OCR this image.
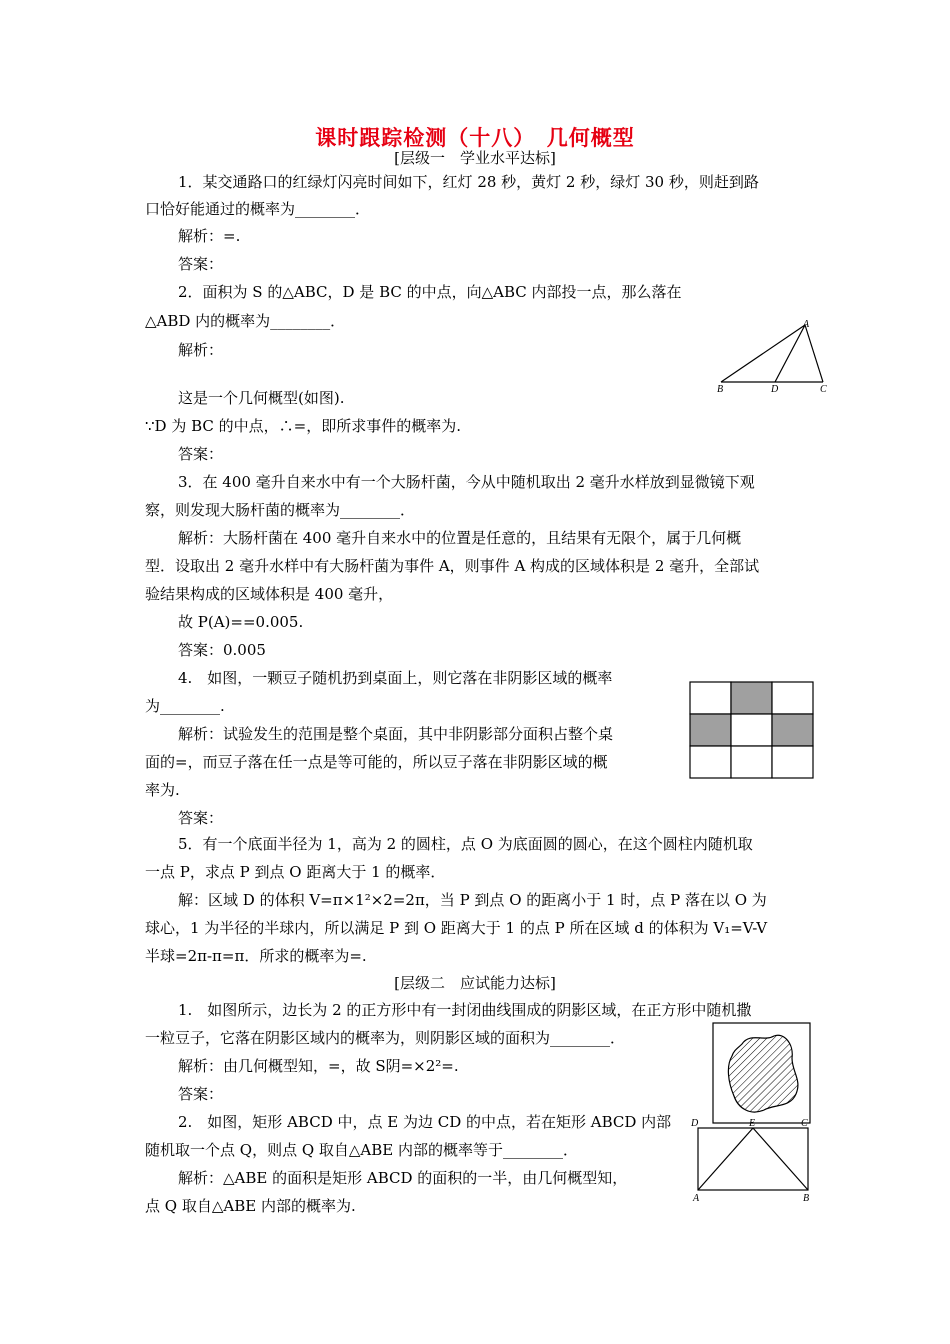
课时跟踪检测（十八）　几何概型
[层级一　学业水平达标]
1．某交通路口的红绿灯闪亮时间如下，红灯 28 秒，黄灯 2 秒，绿灯 30 秒，则赶到路
口恰好能通过的概率为________．
解析：=.
答案：
2．面积为 S 的△ABC，D 是 BC 的中点，向△ABC 内部投一点，那么落在
△ABD 内的概率为________．
解析：
这是一个几何概型(如图).
∵D 为 BC 的中点，∴=，即所求事件的概率为.
答案：
A
B	D	C
3．在 400 毫升自来水中有一个大肠杆菌，今从中随机取出 2 毫升水样放到显微镜下观
察，则发现大肠杆菌的概率为________．
解析：大肠杆菌在 400 毫升自来水中的位置是任意的，且结果有无限个，属于几何概
型．设取出 2 毫升水样中有大肠杆菌为事件 A，则事件 A 构成的区域体积是 2 毫升，全部试
验结果构成的区域体积是 400 毫升，
故 P(A)==0.005.
答案：0.005
4.　如图，一颗豆子随机扔到桌面上，则它落在非阴影区域的概率
为________.
解析：试验发生的范围是整个桌面，其中非阴影部分面积占整个桌
面的=，而豆子落在任一点是等可能的，所以豆子落在非阴影区域的概
率为.
答案：
5．有一个底面半径为 1，高为 2 的圆柱，点 O 为底面圆的圆心，在这个圆柱内随机取
一点 P，求点 P 到点 O 距离大于 1 的概率．
解：区域 D 的体积 V=π×1²×2=2π，当 P 到点 O 的距离小于 1 时，点 P 落在以 O 为
球心，1 为半径的半球内，所以满足 P 到 O 距离大于 1 的点 P 所在区域 d 的体积为 V₁=V-V
半球=2π-π=π．所求的概率为=.
[层级二　应试能力达标]
1.　如图所示，边长为 2 的正方形中有一封闭曲线围成的阴影区域，在正方形中随机撒
一粒豆子，它落在阴影区域内的概率为，则阴影区域的面积为________．
解析：由几何概型知，=，故 S阴=×2²=.
答案：
2.　如图，矩形 ABCD 中，点 E 为边 CD 的中点，若在矩形 ABCD 内部
随机取一个点 Q，则点 Q 取自△ABE 内部的概率等于________．
解析：△ABE 的面积是矩形 ABCD 的面积的一半，由几何概型知，
点 Q 取自△ABE 内部的概率为.
D	E	C
A	B
